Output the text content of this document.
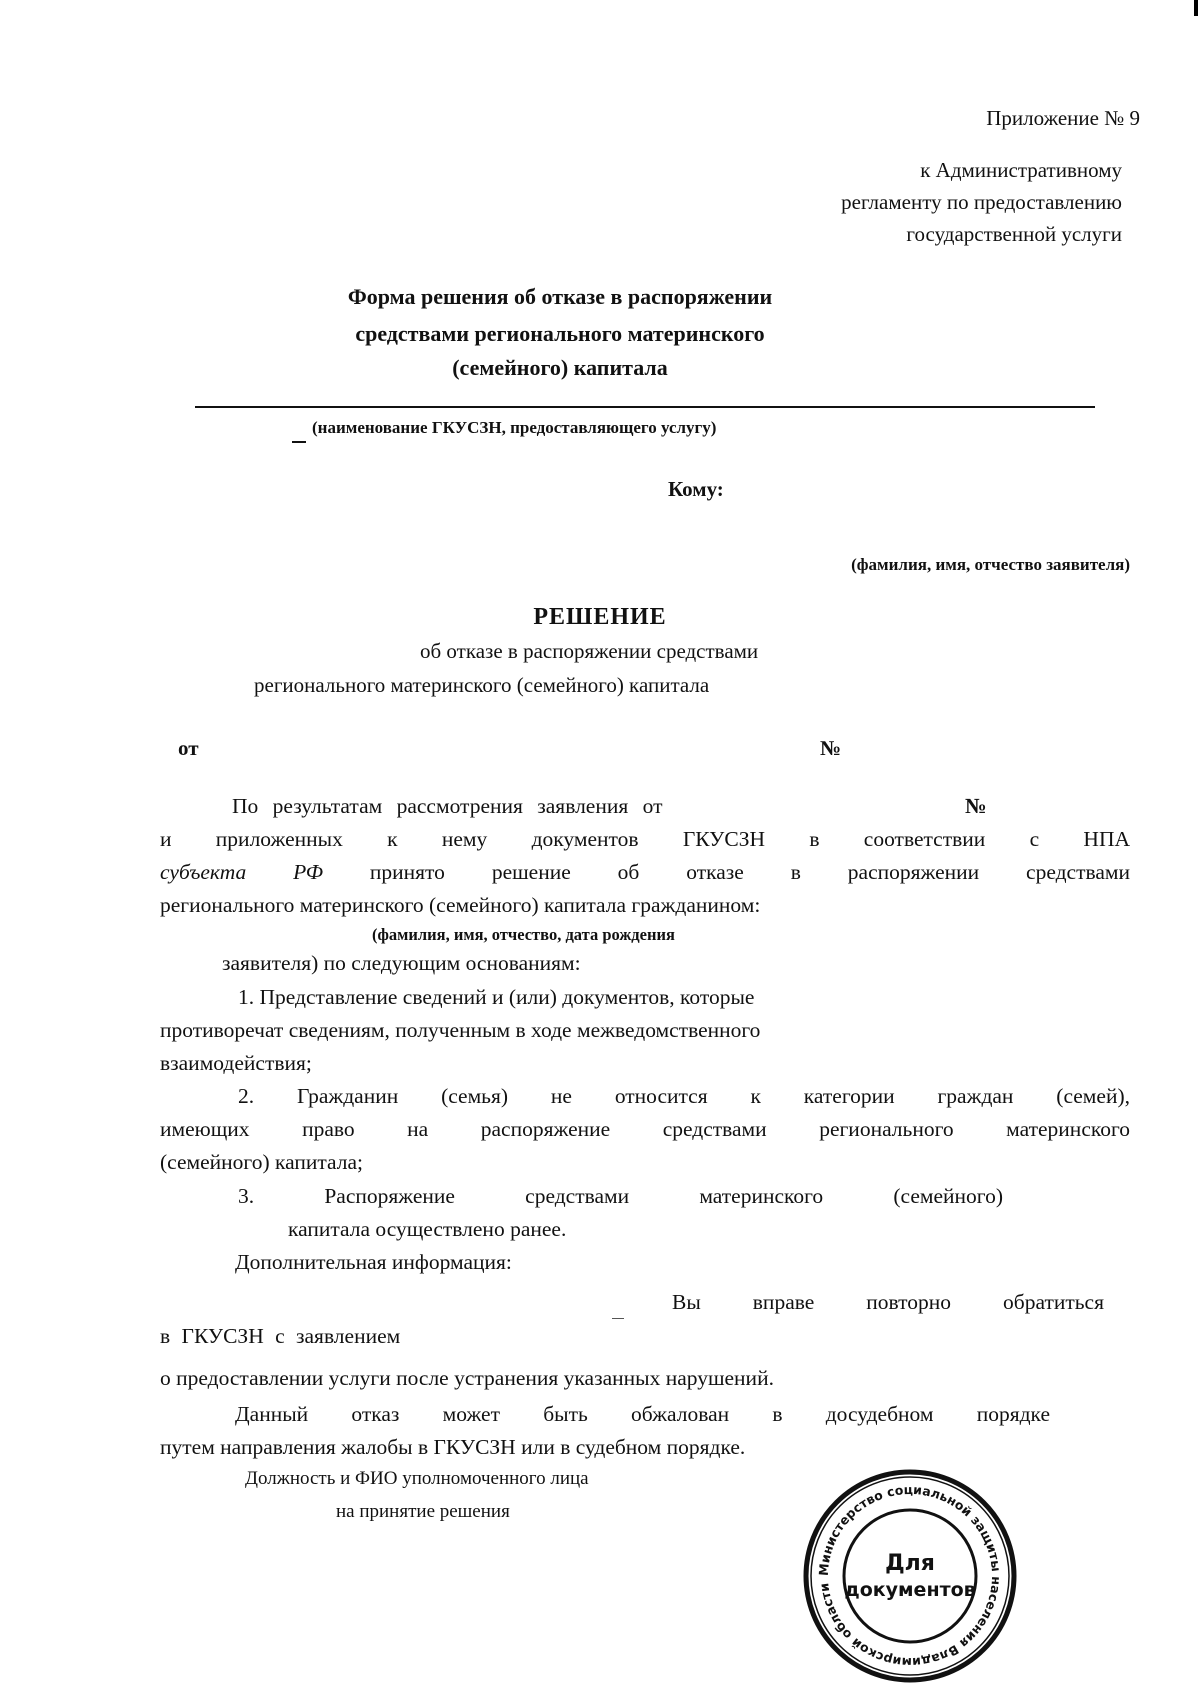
Приложение № 9
к Административному
регламенту по предоставлению
государственной услуги
Форма решения об отказе в распоряжении
средствами регионального материнского
(семейного) капитала
(наименование ГКУСЗН, предоставляющего услугу)
Кому:
(фамилия, имя, отчество заявителя)
РЕШЕНИЕ
об отказе в распоряжении средствами
регионального материнского (семейного) капитала
от	№
По результатам рассмотрения заявления от	№
и приложенных к нему документов ГКУСЗН в соответствии с НПА
субъекта РФ принято решение об отказе в распоряжении средствами
регионального материнского (семейного) капитала гражданином:
(фамилия, имя, отчество, дата рождения
заявителя) по следующим основаниям:
1. Представление сведений и (или) документов, которые
противоречат сведениям, полученным в ходе межведомственного
взаимодействия;
2. Гражданин (семья) не относится к категории граждан (семей),
имеющих право на распоряжение средствами регионального материнского
(семейного) капитала;
3. Распоряжение средствами материнского (семейного)
капитала осуществлено ранее.
Дополнительная информация:
Вы вправе повторно обратиться
в ГКУСЗН с заявлением
о предоставлении услуги после устранения указанных нарушений.
Данный отказ может быть обжалован в досудебном порядке
путем направления жалобы в ГКУСЗН или в судебном порядке.
Должность и ФИО уполномоченного лица
на принятие решения
Министерство социальной защиты населения Владимирской области
Для
документов
